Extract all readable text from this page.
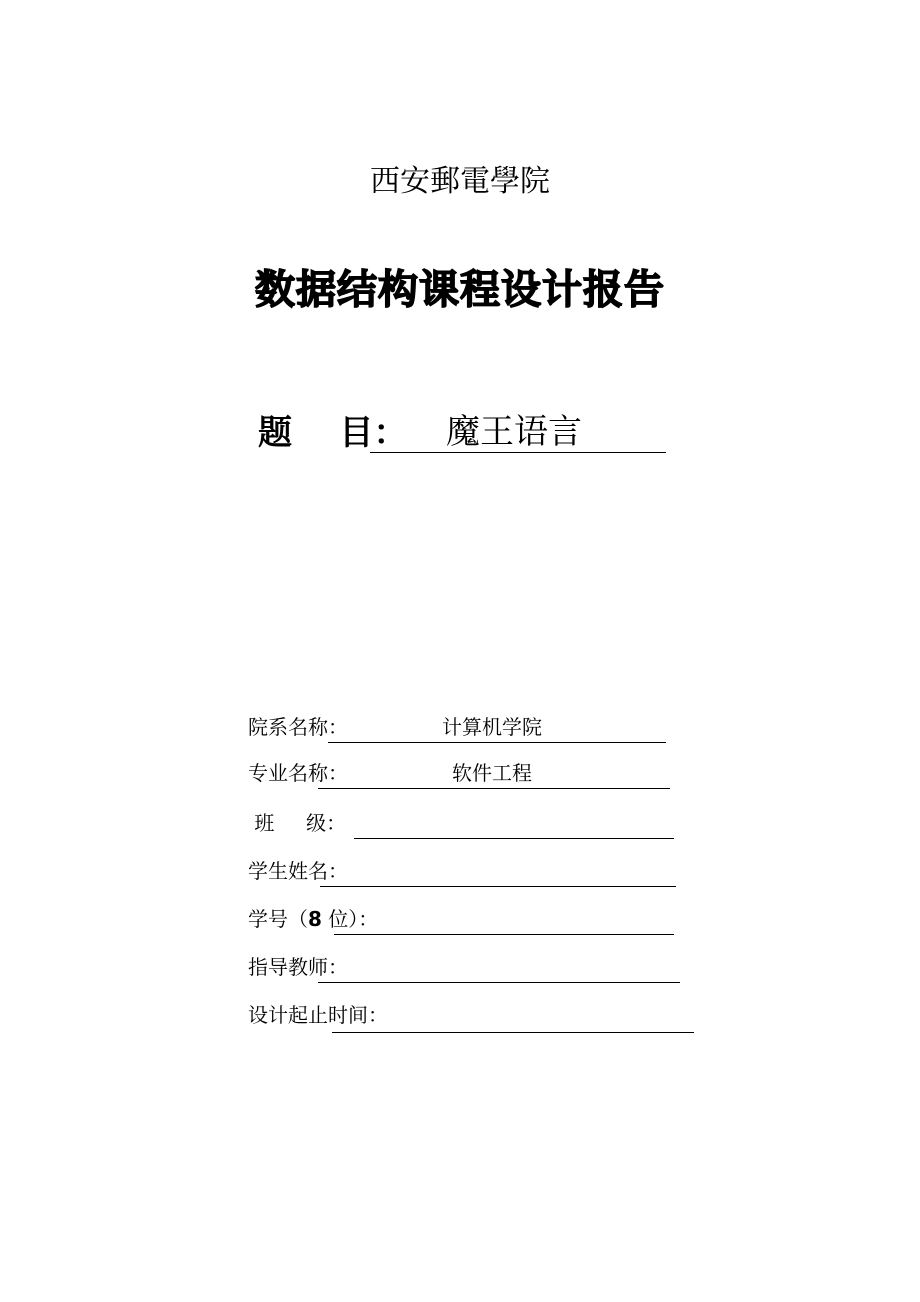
西安郵電學院
数据结构课程设计报告
题    目： 魔王语言
院系名称：	计算机学院
专业名称：	软件工程
班     级：
学生姓名：
学号（8 位）：
指导教师：
设计起止时间：
